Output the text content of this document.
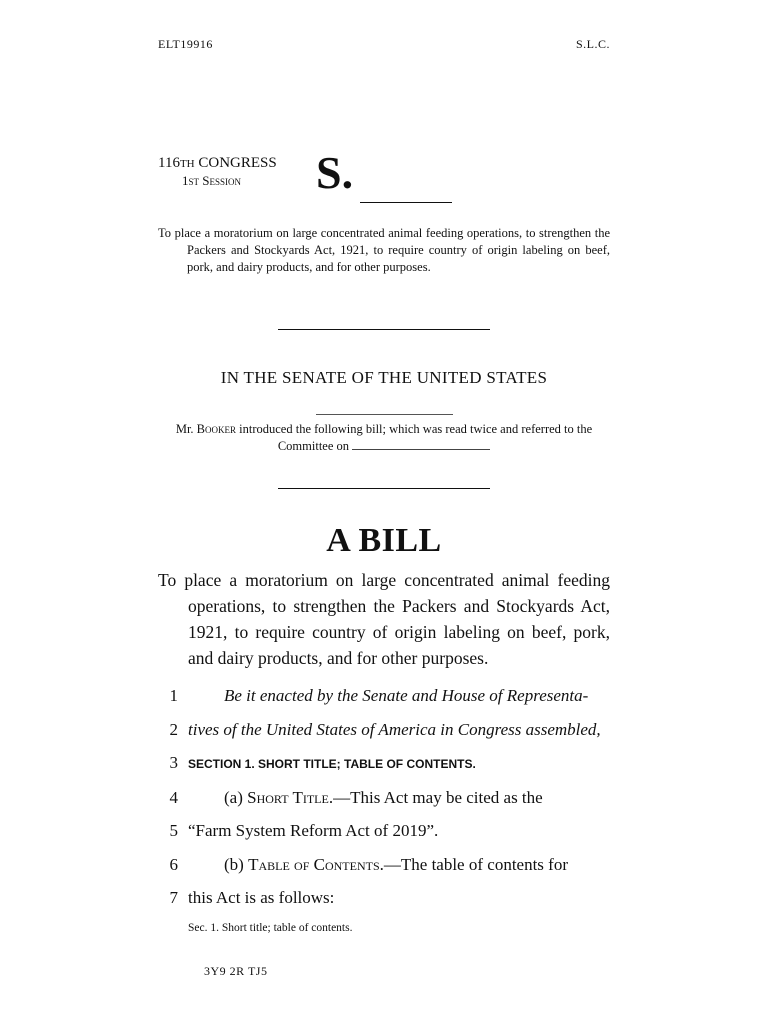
ELT19916	S.L.C.
116th CONGRESS
1st Session	S.
To place a moratorium on large concentrated animal feeding operations, to strengthen the Packers and Stockyards Act, 1921, to require country of origin labeling on beef, pork, and dairy products, and for other purposes.
IN THE SENATE OF THE UNITED STATES
Mr. Booker introduced the following bill; which was read twice and referred to the Committee on
A BILL
To place a moratorium on large concentrated animal feeding operations, to strengthen the Packers and Stockyards Act, 1921, to require country of origin labeling on beef, pork, and dairy products, and for other purposes.
1	Be it enacted by the Senate and House of Representa-
2 tives of the United States of America in Congress assembled,
3 SECTION 1. SHORT TITLE; TABLE OF CONTENTS.
4	(a) Short Title.—This Act may be cited as the
5 “Farm System Reform Act of 2019”.
6	(b) Table of Contents.—The table of contents for
7 this Act is as follows:
Sec. 1. Short title; table of contents.
3Y9 2R TJ5
